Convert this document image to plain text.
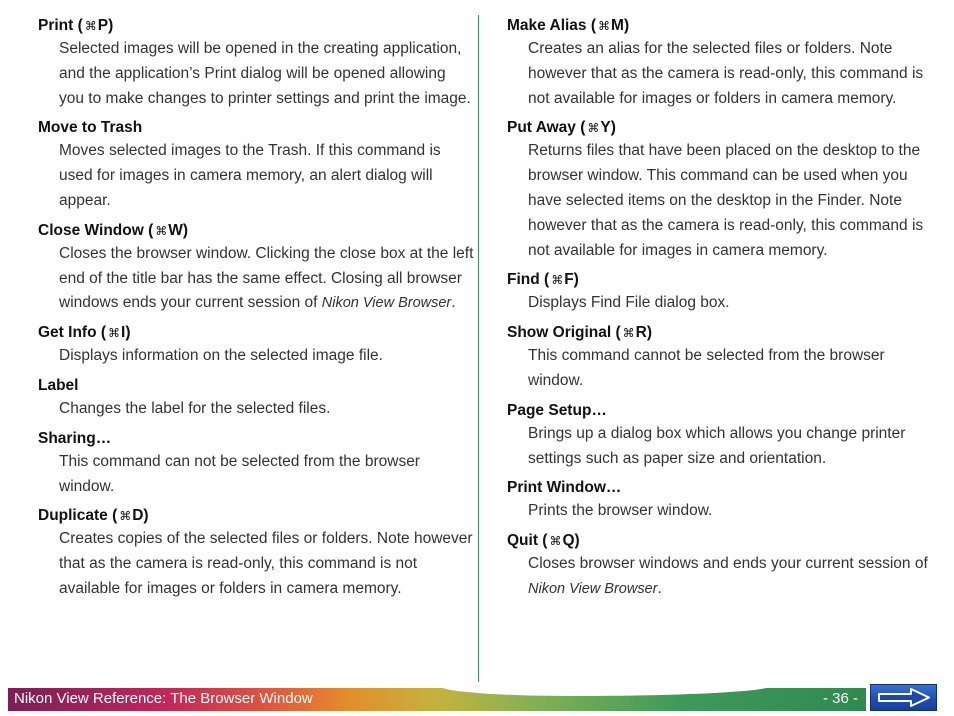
Print ( ⌘P)
Selected images will be opened in the creating application, and the application’s Print dialog will be opened allowing you to make changes to printer settings and print the image.
Move to Trash
Moves selected images to the Trash. If this command is used for images in camera memory, an alert dialog will appear.
Close Window ( ⌘W)
Closes the browser window. Clicking the close box at the left end of the title bar has the same effect. Closing all browser windows ends your current session of Nikon View Browser.
Get Info ( ⌘I)
Displays information on the selected image file.
Label
Changes the label for the selected files.
Sharing…
This command can not be selected from the browser window.
Duplicate ( ⌘D)
Creates copies of the selected files or folders. Note however that as the camera is read-only, this command is not available for images or folders in camera memory.
Make Alias ( ⌘M)
Creates an alias for the selected files or folders. Note however that as the camera is read-only, this command is not available for images or folders in camera memory.
Put Away ( ⌘Y)
Returns files that have been placed on the desktop to the browser window. This command can be used when you have selected items on the desktop in the Finder. Note however that as the camera is read-only, this command is not available for images in camera memory.
Find ( ⌘F)
Displays Find File dialog box.
Show Original ( ⌘R)
This command cannot be selected from the browser window.
Page Setup…
Brings up a dialog box which allows you change printer settings such as paper size and orientation.
Print Window…
Prints the browser window.
Quit ( ⌘Q)
Closes browser windows and ends your current session of Nikon View Browser.
Nikon View Reference: The Browser Window	- 36 -
